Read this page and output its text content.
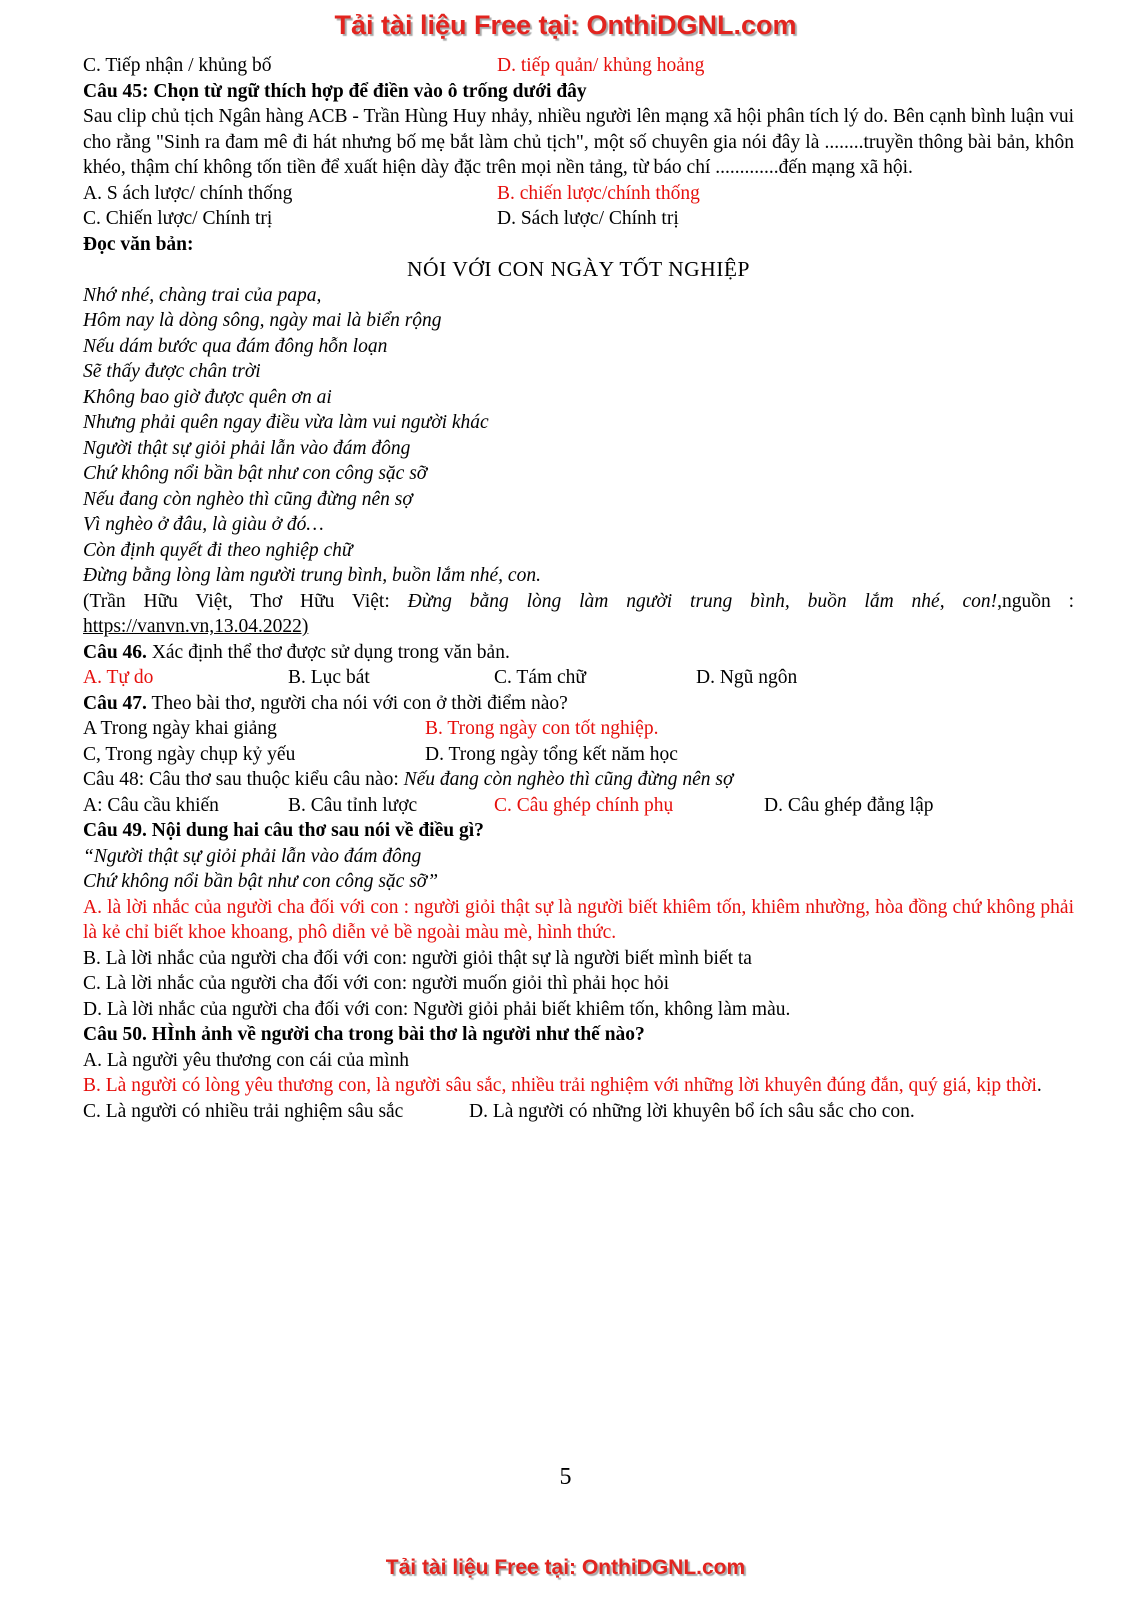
Tải tài liệu Free tại: OnthiDGNL.com
C. Tiếp nhận / khủng bố	D. tiếp quản/ khủng hoảng

Câu 45: Chọn từ ngữ thích hợp để điền vào ô trống dưới đây

Sau clip chủ tịch Ngân hàng ACB - Trần Hùng Huy nhảy, nhiều người lên mạng xã hội phân tích lý do. Bên cạnh bình luận vui cho rằng "Sinh ra đam mê đi hát nhưng bố mẹ bắt làm chủ tịch", một số chuyên gia nói đây là ........truyền thông bài bản, khôn khéo, thậm chí không tốn tiền để xuất hiện dày đặc trên mọi nền tảng, từ báo chí .............đến mạng xã hội.

A. S ách lược/ chính thống	B. chiến lược/chính thống
C. Chiến lược/ Chính trị	D. Sách lược/ Chính trị

Đọc văn bản:

NÓI VỚI CON NGÀY TỐT NGHIỆP

Nhớ nhé, chàng trai của papa,
Hôm nay là dòng sông, ngày mai là biển rộng
Nếu dám bước qua đám đông hỗn loạn
Sẽ thấy được chân trời
Không bao giờ được quên ơn ai
Nhưng phải quên ngay điều vừa làm vui người khác
Người thật sự giỏi phải lẫn vào đám đông
Chứ không nổi bần bật như con công sặc sỡ
Nếu đang còn nghèo thì cũng đừng nên sợ
Vì nghèo ở đâu, là giàu ở đó…
Còn định quyết đi theo nghiệp chữ
Đừng bằng lòng làm người trung bình, buồn lắm nhé, con.

(Trần Hữu Việt, Thơ Hữu Việt: Đừng bằng lòng làm người trung bình, buồn lắm nhé, con!,nguồn :

https://vanvn.vn,13.04.2022)

Câu 46. Xác định thể thơ được sử dụng trong văn bản.

A. Tự do	B. Lục bát	C. Tám chữ	D. Ngũ ngôn

Câu 47. Theo bài thơ, người cha nói với con ở thời điểm nào?

A Trong ngày khai giảng	B. Trong ngày con tốt nghiệp.
C, Trong ngày chụp kỷ yếu	D. Trong ngày tổng kết năm học

Câu 48: Câu thơ sau thuộc kiểu câu nào: Nếu đang còn nghèo thì cũng đừng nên sợ

A: Câu cầu khiến	B. Câu tỉnh lược	C. Câu ghép chính phụ	D. Câu ghép đẳng lập

Câu 49. Nội dung hai câu thơ sau nói về điều gì?

“Người thật sự giỏi phải lẫn vào đám đông
Chứ không nổi bần bật như con công sặc sỡ”

A. là lời nhắc của người cha đối với con : người giỏi thật sự là người biết khiêm tốn, khiêm nhường, hòa đồng chứ không phải là kẻ chỉ biết khoe khoang, phô diễn vẻ bề ngoài màu mè, hình thức.

B. Là lời nhắc của người cha đối với con: người giỏi thật sự là người biết mình biết ta

C. Là lời nhắc của người cha đối với con: người muốn giỏi thì phải học hỏi

D. Là lời nhắc của người cha đối với con: Người giỏi phải biết khiêm tốn, không làm màu.

Câu 50. HÌnh ảnh về người cha trong bài thơ là người như thế nào?

A. Là người yêu thương con cái của mình

B. Là người có lòng yêu thương con, là người sâu sắc, nhiều trải nghiệm với những lời khuyên đúng đắn, quý giá, kịp thời.

C. Là người có nhiều trải nghiệm sâu sắc	D. Là người có những lời khuyên bổ ích sâu sắc cho con.
5
Tải tài liệu Free tại: OnthiDGNL.com
